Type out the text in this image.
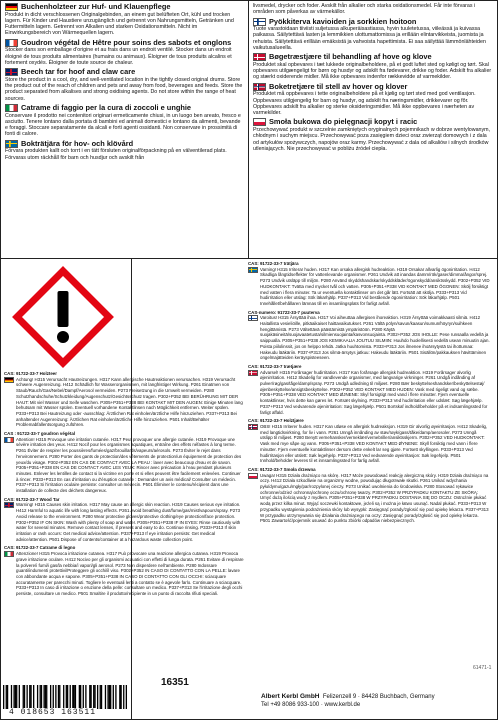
Buchenholzteer zur Huf- und Klauenpflege
Produkt in dicht verschlossenen Originalgebinden, an einem gut belüfteten Ort, kühl und trocken lagern. Für Kinder und Haustiere unzugänglich und getrennt von Nahrungsmitteln, Getränken und Futtermitteln lagern. Getrennt von Alkalien und starken Oxidationsmitteln. Nicht im Einwirkungsbereich von Wärmequellen lagern.
Goudron végétal de Hêtre pour soins des sabots et onglons
Stocker dans son emballage d'origine et au frais dans un endroit ventilé. Stocker dans un endroit éloigné de tous produits alimentaires (humains ou animaux). Éloigner de tous produits alcalins et fortement oxydés. Éloigner de toute source de chaleur.
Beech tar for hoof and claw care
Store the product in a cool, dry, and well-ventilated location in the tightly closed original drums. Store the product out of the reach of children and pets and away from food, beverages and feeds. Store the product separated from alkalises and strong oxidising agents. Do not store within the range of heat sources.
Catrame di faggio per la cura di zoccoli e unghie
Conservare il prodotto nei contenitori originari ermeticamente chiusi, in un luogo ben areato, fresco e asciutto. Tenere lontano dalla portata di bambini ed animali domestici e lontano da alimenti, bevande e foraggi. Stoccare separatamente da alcali e forti agenti ossidanti. Non conservare in prossimità di fonti di calore.
Bokträtjära för hov- och klövård
Förvara produkten kallt och torrt i en tätt försluten originalförpackning på en välventilerad plats. Förvaras utom räckhåll för barn och husdjur och avskilt från
livsmedel, drycker och foder. Avskilt från alkalier och starka oxidationsmedel. Får inte förvaras i områden som påverkas av värmekällor.
Pyökkiterva kavioiden ja sorkkien hoitoon
Tuote varastoidaan tiiviisti suljetussa alkuperäisastiassa, hyvin tuuletetussa, viileässä ja kuivassa paikassa. Säilytettävä lasten ja lemmikkien ulottumattomissa ja erillään elintarvikkeista, juomista ja rehuista. Säilytettävä erillään emäksistä ja vahvoista hapettimista. Ei saa säilyttää lämmönlähteiden vaikutusalueella.
Bøgetræstjære til behandling af hove og klove
Produktet skal opbevares i tæt lukkede originalbeholdere, på et godt luftet sted og køligt og tørt. Skal opbevares utilgængeligt for børn og husdyr og adskilt fra fødevarer, drikke og foder. Adskilt fra alkalier og stærkt oxiderende midler. Må ikke opbevares indenfor rækkevidde af varmekilder.
Boketretjære til stell av hover og klover
Produktet må oppbevares i tette originalbeholdere på et kjølig og tørt sted med god ventilasjon. Oppbevares utilgjengelig for barn og husdyr, og adskilt fra næringsmidler, drikkevarer og fôr. Oppbevares adskilt fra alkalier og sterke oksideringsmidler. Må ikke oppbevares i nærheten av varmekilder.
Smoła bukowa do pielęgnacji kopyt i racic
Przechowywać produkt w szczelnie zamkniętych oryginalnych pojemnikach w dobrze wentylowanym, chłodnym i suchym miejscu. Przechowywać poza zasięgiem dzieci oraz zwierząt domowych i z dala od artykułów spożywczych, napojów oraz karmy. Przechowywać z dala od alkaliów i silnych środków utleniających. Nie przechowywać w pobliżu źródeł ciepła.
CAS: 91722-33-7 Holzteer
Achtung! H315 Verursacht Hautreizungen. H317 Kann allergische Hautreaktionen verursachen. H319 Verursacht schwere Augenreizung. H412 Schädlich für Wasserorganismen, mit langfristiger Wirkung. P261 Einatmen von Staub/Rauch/Gas/Nebel/Dampf/Aerosol vermeiden. P273 Freisetzung in die Umwelt vermeiden. P280 Schutzhandschuhe/Schutzkleidung/Augenschutz/Gesichtsschutz tragen. P302+P352 BEI BERÜHRUNG MIT DER HAUT: Mit viel Wasser und Seife waschen. P305+P351+P338 BEI KONTAKT MIT DEN AUGEN: Einige Minuten lang behutsam mit Wasser spülen. Eventuell vorhandene Kontaktlinsen nach Möglichkeit entfernen. Weiter spülen. P333+P313 Bei Hautreizung oder -ausschlag: Ärztlichen Rat einholen/ärztliche Hilfe hinzuziehen. P337+P313 Bei anhaltender Augenreizung: Ärztlichen Rat einholen/ärztliche Hilfe hinzuziehen. P501 Inhalt/Behälter Problemabfallentsorgung zuführen.
CAS : 91722-33-7 goudron végétal
Attention! H315 Provoque une irritation cutanée. H317 Peut provoquer une allergie cutanée. H319 Provoque une sévère irritation des yeux. H412 Nocif pour les organismes aquatiques, entraîne des effets néfastes à long terme. P261 Éviter de respirer les poussières/fumées/gaz/brouillards/vapeurs/aérosols. P273 Éviter le rejet dans l'environnement. P280 Porter des gants de protection/des vêtements de protection/un équipement de protection des yeux/du visage. P302+P352 EN CAS DE CONTACT AVEC LA PEAU : laver avec beaucoup d'eau et de savon. P305+P351+P338 EN CAS DE CONTACT AVEC LES YEUX: Rincer avec précaution à l'eau pendant plusieurs minutes. Enlever les lentilles de contact si la victime en porte et si elles peuvent être facilement enlevées. Continuer à rincer. P333+P313 En cas d'irritation ou d'éruption cutanée : Demander un avis médical/ Consulter un médecin. P337+P313 Si l'irritation oculaire persiste: consulter un médecin. P501 Éliminer le contenu/récipient dans une installation de collecte des déchets dangereux.
CAS: 91722-33-7 Wood Tar
Warning! H315 Causes skin irritation. H317 May cause an allergic skin reaction. H319 Causes serious eye irritation. H412 Harmful to aquatic life with long lasting effects. P261 Avoid breathing dust/fume/gas/mist/vapours/spray. P273 Avoid release to the environment. P280 Wear protective gloves/protective clothing/eye protection/face protection. P302+P352 IF ON SKIN: Wash with plenty of soap and water. P305+P351+P338 IF IN EYES: Rinse cautiously with water for several minutes. Remove contact lenses, if present and easy to do. Continue rinsing. P333+P313 If skin irritation or rash occurs: Get medical advice/attention. P337+P313 If eye irritation persists: Get medical advice/attention. P501 Dispose of contents/container at a hazardous waste collection point.
CAS: 91722-33-7 Catrame di legno
Attenzione! H315 Provoca irritazione cutanea. H317 Può provocare una reazione allergica cutanea. H319 Provoca grave irritazione oculare. H412 Nocivo per gli organismi acquatici con effetti di lunga durata. P261 Evitare di respirare la polvere/i fumi/i gas/la nebbia/i vapori/gli aerosol. P273 Non disperdere nell'ambiente. P280 Indossare guanti/indumenti protettivi/Proteggere gli occhi/il viso. P302+P352 IN CASO DI CONTATTO CON LA PELLE: lavare con abbondante acqua e sapone. P305+P351+P338 IN CASO DI CONTATTO CON GLI OCCHI: sciacquare accuratamente per parecchi minuti. Togliere le eventuali lenti a contatto se è agevole farlo. Continuare a sciacquare. P333+P313 In caso di irritazione o eruzione della pelle: consultare un medico. P337+P313 Se l'irritazione degli occhi persiste, consultare un medico. P501 Smaltire il prodotto/recipiente in un punto di raccolta rifiuti speciali.
CAS: 91722-33-7 trätjära
Varning! H315 Irriterar huden. H317 Kan orsaka allergisk hudreaktion. H319 Orsakar allvarlig ögonirritation. H412 Skadliga långtidseffekter för vattenlevande organismer. P261 Undvik att inandas damm/rök/gaser/dimma/ångor/sprej. P273 Undvik utsläpp till miljön. P280 Använd skyddshandskar/skyddskläder/ögonskydd/ansiktsskydd. P302+P352 VID HUDKONTAKT: Tvätta med mycket tvål och vatten. P305+P351+P338 VID KONTAKT MED ÖGONEN: Skölj försiktigt med vatten i flera minuter. Ta ur eventuella kontaktlinser om det går lätt. Fortsätt att skölja. P333+P313 Vid hudirritation eller utslag: Sök läkarhjälp. P337+P313 Vid bestående ögonirritation: Sök läkarhjälp. P501 Innehållet/behållaren lämnas till en insamlingsplats för farligt avfall.
CAS-numero: 91722-33-7 puuterva
Varoitus! H315 Ärsyttää ihoa. H317 Voi aiheuttaa allergisen ihoreaktion. H319 Ärsyttää voimakkaasti silmiä. H412 Haitallista vesieliöille, pitkäaikaiset haittavaikutukset. P261 Vältä pölyn/savun/kaasun/sumun/höyryn/suihkeen hengittämistä. P273 Vältettävä päästämistä ympäristöön. P280 Käytä suojakäsineitä/suojavaatetusta/silmiensuojainta/kasvonsuojainta. P302+P352 JOS IHOLLE: Pese runsaalla vedellä ja saippualla. P305+P351+P338 JOS KEMIKAALIA JOUTUU SILMIIN: Huuhdo huolellisesti vedellä usean minuutin ajan. Poista piilolinssit, jos on helppo tehdä. Jatka huuhtomista. P333+P313 Jos ilmenee ihoärsytystä tai ihottumaa: Hakeudu lääkäriin. P337+P313 Jos silmä-ärsytys jatkuu: Hakeudu lääkäriin. P501 Sisällön/pakkauksen hävittäminen ongelmajätteiden keräyspisteeseen.
CAS: 91722-33-7 trætjære
Advarsel! H315 Forårsager hudirritation. H317 Kan forårsage allergisk hudreaktion. H319 Forårsager alvorlig øjenirritation. H412 Skadelig for vandlevende organismer, med langvarige virkninger. P261 Undgå indånding af pulver/røg/gas/tåge/damp/spray. P273 Undgå udledning til miljøet. P280 Bær beskyttelseshandsker/beskyttelsestøj/øjenbeskyttelse/ansigtsbeskyttelse. P302+P352 VED KONTAKT MED HUDEN: Vask med rigeligt vand og sæbe. P305+P351+P338 VED KONTAKT MED ØJNENE: Skyl forsigtigt med vand i flere minutter. Fjern eventuelle kontaktlinser, hvis dette kan gøres let. Fortsæt skylning. P333+P313 Ved hudirritation eller udslæt: Søg lægehjælp. P337+P313 Ved vedvarende øjenirritation: Søg lægehjælp. P501 Bortskaf indhold/beholder på et indsamlingssted for farligt affald.
CAS: 91722-33-7 Holztjære
OBS! H315 Irriterer huden. H317 Kan utløse en allergisk hudreaksjon. H319 Gir alvorlig øyeirritasjon. H412 Skadelig, med langtidsvirkning, for liv i vann. P261 Unngå innånding av støv/røyk/gass/tåke/damp/aerosoler. P273 Unngå utslipp til miljøet. P280 Benytt vernehansker/verneklær/vernebriller/ansiktsskjerm. P302+P352 VED HUDKONTAKT: Vask med mye såpe og vann. P305+P351+P338 VED KONTAKT MED ØYNENE: Skyll forsiktig med vann i flere minutter. Fjern eventuelle kontaktlinser dersom dette enkelt lar seg gjøre. Fortsett skyllingen. P333+P313 Ved hudirritasjon eller utslett: Søk legehjelp. P337+P313 Ved vedvarende øyeirritasjon: Søk legehjelp. P501 Innhold/beholder leveres til et innsamlingssted for farlig avfall.
CAS: 91722-33-7 Smoła drzewna
Uwaga! H315 Działa drażniąco na skórę. H317 Może powodować reakcję alergiczną skóry. H319 Działa drażniąco na oczy. H412 Działa szkodliwie na organizmy wodne, powodując długotrwałe skutki. P261 Unikać wdychania pyłu/dymu/gazu/mgły/par/rozpylonej cieczy. P273 Unikać uwolnienia do środowiska. P280 Stosować rękawice ochronne/odzież ochronną/ochronę oczu/ochronę twarzy. P302+P352 W PRZYPADKU KONTAKTU ZE SKÓRĄ: Umyć dużą ilością wody z mydłem. P305+P351+P338 W PRZYPADKU DOSTANIA SIĘ DO OCZU: Ostrożnie płukać wodą przez kilka minut. Wyjąć soczewki kontaktowe, jeżeli są i można je łatwo usunąć. Nadal płukać. P333+P313 W przypadku wystąpienia podrażnienia skóry lub wysypki: Zasięgnąć porady/zgłosić się pod opiekę lekarza. P337+P313 W przypadku utrzymywania się działania drażniącego na oczy: Zasięgnąć porady/zgłosić się pod opiekę lekarza. P501 Zawartość/pojemnik usuwać do punktu zbiórki odpadów niebezpiecznych.
4 018653 163511
16351
Albert Kerbl GmbH Felizenzell 9 · 84428 Buchbach, Germany
Tel +49 8086 933-100 · www.kerbl.de
61471-1
